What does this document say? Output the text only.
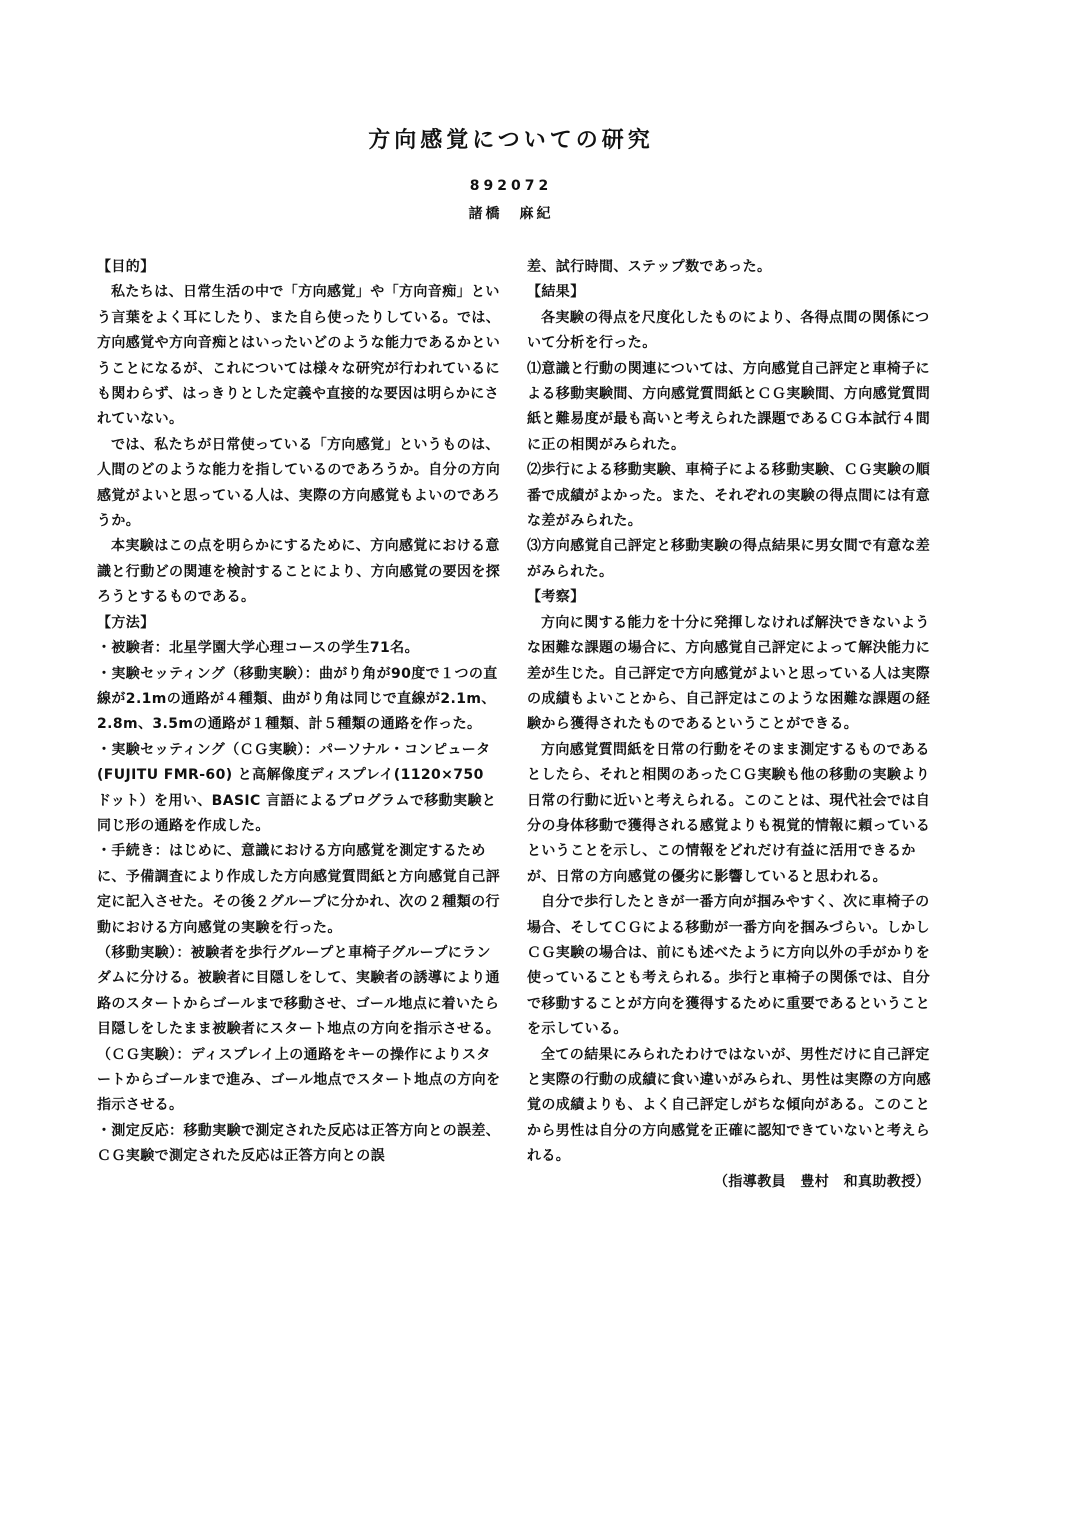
方向感覚についての研究
892072
諸橋　麻紀

【目的】

私たちは、日常生活の中で「方向感覚」や「方向音痴」という言葉をよく耳にしたり、また自ら使ったりしている。では、方向感覚や方向音痴とはいったいどのような能力であるかということになるが、これについては様々な研究が行われているにも関わらず、はっきりとした定義や直接的な要因は明らかにされていない。

では、私たちが日常使っている「方向感覚」というものは、人間のどのような能力を指しているのであろうか。自分の方向感覚がよいと思っている人は、実際の方向感覚もよいのであろうか。

本実験はこの点を明らかにするために、方向感覚における意識と行動どの関連を検討することにより、方向感覚の要因を探ろうとするものである。

【方法】

・被験者：北星学園大学心理コースの学生71名。

・実験セッティング（移動実験）：曲がり角が90度で１つの直線が2.1mの通路が４種類、曲がり角は同じで直線が2.1m、2.8m、3.5mの通路が１種類、計５種類の通路を作った。

・実験セッティング（ＣＧ実験）：パーソナル・コンピュータ(FUJITU FMR-60) と高解像度ディスプレイ(1120×750 ドット）を用い、BASIC 言語によるプログラムで移動実験と同じ形の通路を作成した。

・手続き：はじめに、意識における方向感覚を測定するために、予備調査により作成した方向感覚質問紙と方向感覚自己評定に記入させた。その後２グループに分かれ、次の２種類の行動における方向感覚の実験を行った。

（移動実験）：被験者を歩行グループと車椅子グループにランダムに分ける。被験者に目隠しをして、実験者の誘導により通路のスタートからゴールまで移動させ、ゴール地点に着いたら目隠しをしたまま被験者にスタート地点の方向を指示させる。

（ＣＧ実験）：ディスプレイ上の通路をキーの操作によりスタートからゴールまで進み、ゴール地点でスタート地点の方向を指示させる。

・測定反応：移動実験で測定された反応は正答方向との誤差、ＣＧ実験で測定された反応は正答方向との誤

差、試行時間、ステップ数であった。

【結果】

各実験の得点を尺度化したものにより、各得点間の関係について分析を行った。

⑴意識と行動の関連については、方向感覚自己評定と車椅子による移動実験間、方向感覚質問紙とＣＧ実験間、方向感覚質問紙と難易度が最も高いと考えられた課題であるＣＧ本試行４間に正の相関がみられた。

⑵歩行による移動実験、車椅子による移動実験、ＣＧ実験の順番で成績がよかった。また、それぞれの実験の得点間には有意な差がみられた。

⑶方向感覚自己評定と移動実験の得点結果に男女間で有意な差がみられた。

【考察】

方向に関する能力を十分に発揮しなければ解決できないような困難な課題の場合に、方向感覚自己評定によって解決能力に差が生じた。自己評定で方向感覚がよいと思っている人は実際の成績もよいことから、自己評定はこのような困難な課題の経験から獲得されたものであるということができる。

方向感覚質問紙を日常の行動をそのまま測定するものであるとしたら、それと相関のあったＣＧ実験も他の移動の実験より日常の行動に近いと考えられる。このことは、現代社会では自分の身体移動で獲得される感覚よりも視覚的情報に頼っているということを示し、この情報をどれだけ有益に活用できるかが、日常の方向感覚の優劣に影響していると思われる。

自分で歩行したときが一番方向が掴みやすく、次に車椅子の場合、そしてＣＧによる移動が一番方向を掴みづらい。しかしＣＧ実験の場合は、前にも述べたように方向以外の手がかりを使っていることも考えられる。歩行と車椅子の関係では、自分で移動することが方向を獲得するために重要であるということを示している。

全ての結果にみられたわけではないが、男性だけに自己評定と実際の行動の成績に食い違いがみられ、男性は実際の方向感覚の成績よりも、よく自己評定しがちな傾向がある。このことから男性は自分の方向感覚を正確に認知できていないと考えられる。

（指導教員　豊村　和真助教授）
